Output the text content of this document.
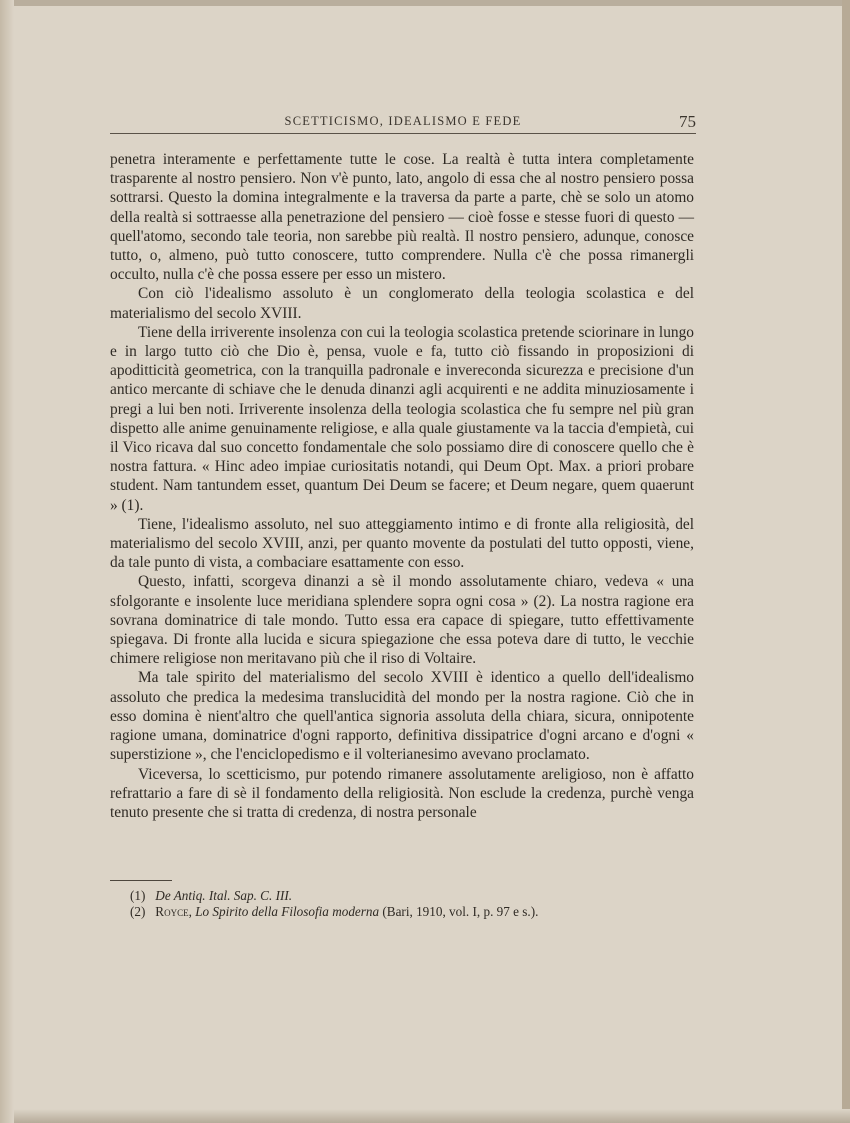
SCETTICISMO, IDEALISMO E FEDE	75

penetra interamente e perfettamente tutte le cose. La realtà è tutta intera completamente trasparente al nostro pensiero. Non v'è punto, lato, angolo di essa che al nostro pensiero possa sottrarsi. Questo la domina integralmente e la traversa da parte a parte, chè se solo un atomo della realtà si sottraesse alla penetrazione del pensiero — cioè fosse e stesse fuori di questo — quell'atomo, secondo tale teoria, non sarebbe più realtà. Il nostro pensiero, adunque, conosce tutto, o, almeno, può tutto conoscere, tutto comprendere. Nulla c'è che possa rimanergli occulto, nulla c'è che possa essere per esso un mistero.

Con ciò l'idealismo assoluto è un conglomerato della teologia scolastica e del materialismo del secolo XVIII.

Tiene della irriverente insolenza con cui la teologia scolastica pretende sciorinare in lungo e in largo tutto ciò che Dio è, pensa, vuole e fa, tutto ciò fissando in proposizioni di apoditticità geometrica, con la tranquilla padronale e invereconda sicurezza e precisione d'un antico mercante di schiave che le denuda dinanzi agli acquirenti e ne addita minuziosamente i pregi a lui ben noti. Irriverente insolenza della teologia scolastica che fu sempre nel più gran dispetto alle anime genuinamente religiose, e alla quale giustamente va la taccia d'empietà, cui il Vico ricava dal suo concetto fondamentale che solo possiamo dire di conoscere quello che è nostra fattura. « Hinc adeo impiae curiositatis notandi, qui Deum Opt. Max. a priori probare student. Nam tantundem esset, quantum Dei Deum se facere; et Deum negare, quem quaerunt » (1).

Tiene, l'idealismo assoluto, nel suo atteggiamento intimo e di fronte alla religiosità, del materialismo del secolo XVIII, anzi, per quanto movente da postulati del tutto opposti, viene, da tale punto di vista, a combaciare esattamente con esso.

Questo, infatti, scorgeva dinanzi a sè il mondo assolutamente chiaro, vedeva « una sfolgorante e insolente luce meridiana splendere sopra ogni cosa » (2). La nostra ragione era sovrana dominatrice di tale mondo. Tutto essa era capace di spiegare, tutto effettivamente spiegava. Di fronte alla lucida e sicura spiegazione che essa poteva dare di tutto, le vecchie chimere religiose non meritavano più che il riso di Voltaire.

Ma tale spirito del materialismo del secolo XVIII è identico a quello dell'idealismo assoluto che predica la medesima translucidità del mondo per la nostra ragione. Ciò che in esso domina è nient'altro che quell'antica signoria assoluta della chiara, sicura, onnipotente ragione umana, dominatrice d'ogni rapporto, definitiva dissipatrice d'ogni arcano e d'ogni « superstizione », che l'enciclopedismo e il volterianesimo avevano proclamato.

Viceversa, lo scetticismo, pur potendo rimanere assolutamente areligioso, non è affatto refrattario a fare di sè il fondamento della religiosità. Non esclude la credenza, purchè venga tenuto presente che si tratta di credenza, di nostra personale

(1) De Antiq. Ital. Sap. C. III.
(2) Royce, Lo Spirito della Filosofia moderna (Bari, 1910, vol. I, p. 97 e s.).
